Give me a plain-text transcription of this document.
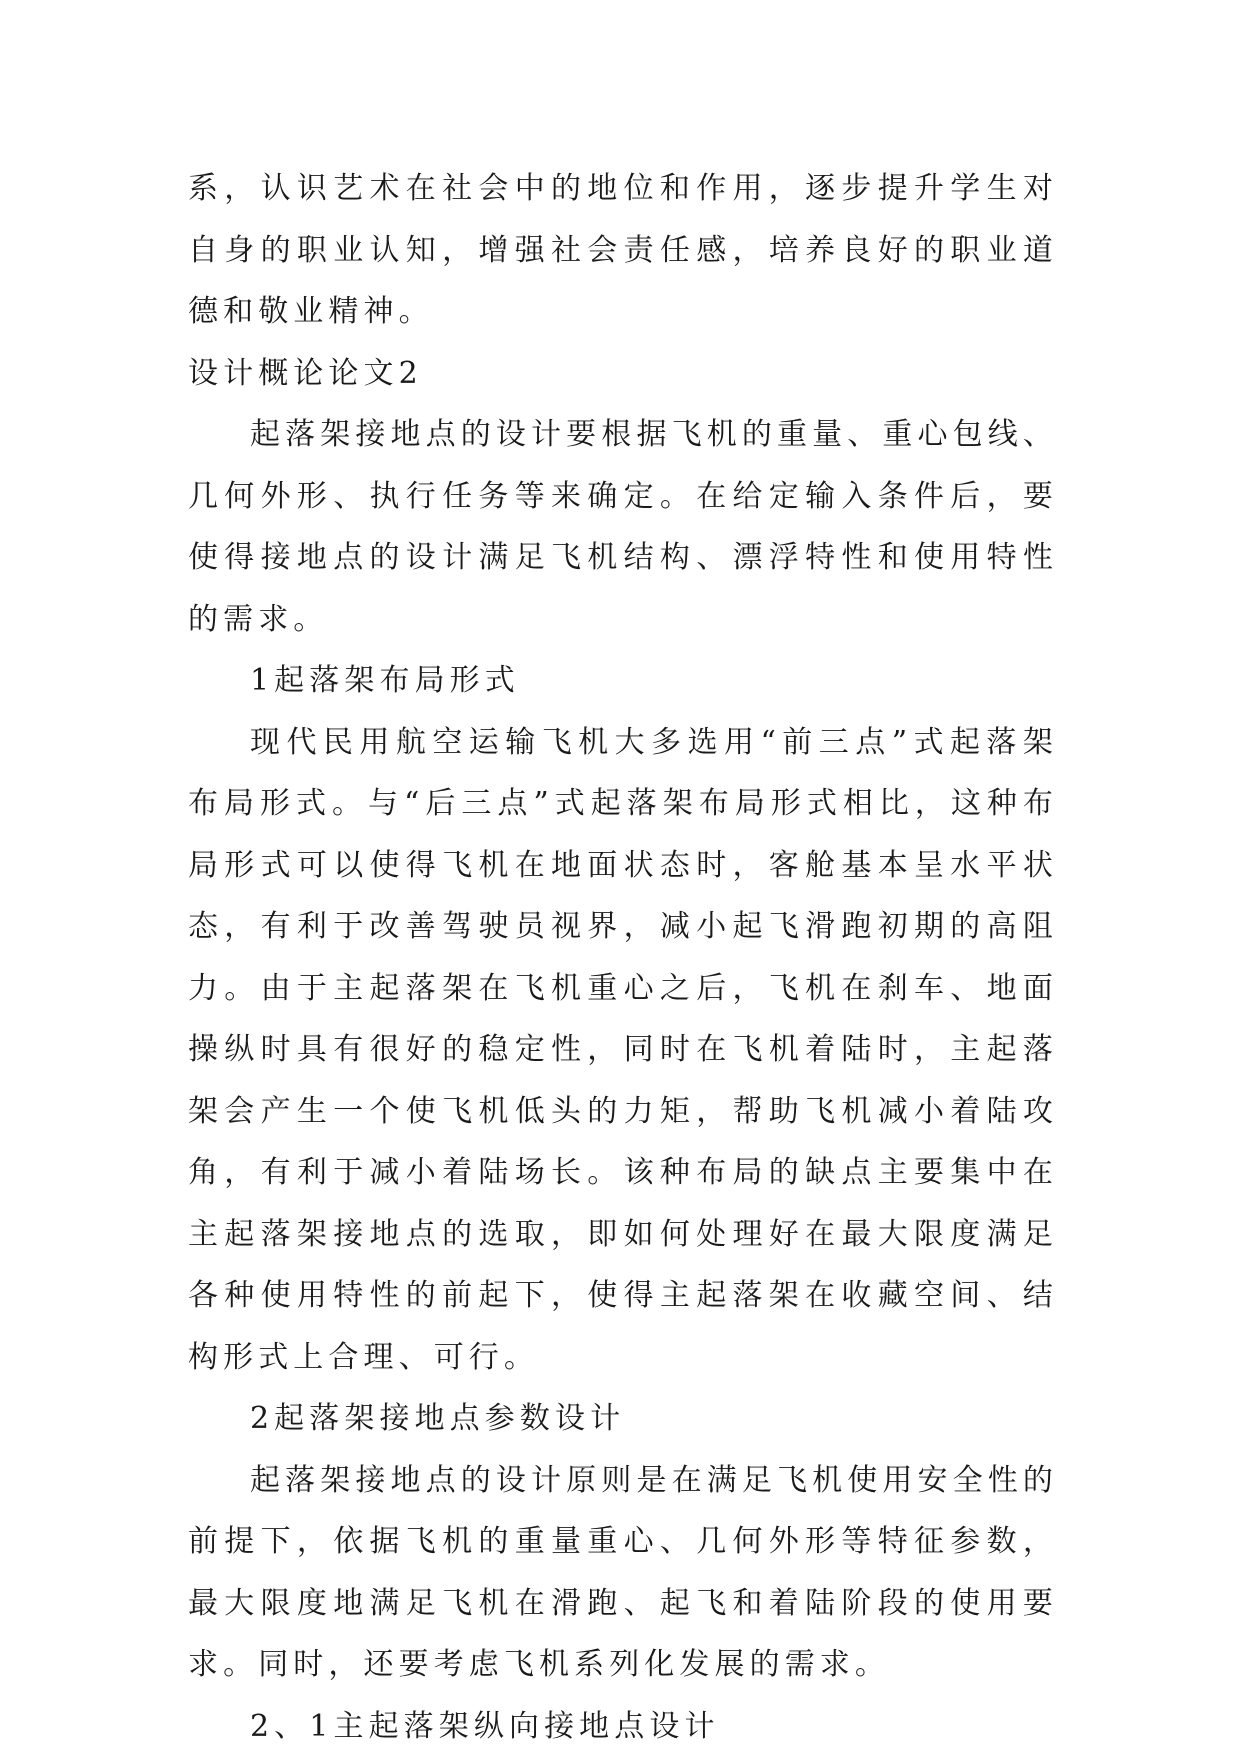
系，认识艺术在社会中的地位和作用，逐步提升学生对自身的职业认知，增强社会责任感，培养良好的职业道德和敬业精神。

设计概论论文2

起落架接地点的设计要根据飞机的重量、重心包线、几何外形、执行任务等来确定。在给定输入条件后，要使得接地点的设计满足飞机结构、漂浮特性和使用特性的需求。

1起落架布局形式

现代民用航空运输飞机大多选用“前三点”式起落架布局形式。与“后三点”式起落架布局形式相比，这种布局形式可以使得飞机在地面状态时，客舱基本呈水平状态，有利于改善驾驶员视界，减小起飞滑跑初期的高阻力。由于主起落架在飞机重心之后，飞机在刹车、地面操纵时具有很好的稳定性，同时在飞机着陆时，主起落架会产生一个使飞机低头的力矩，帮助飞机减小着陆攻角，有利于减小着陆场长。该种布局的缺点主要集中在主起落架接地点的选取，即如何处理好在最大限度满足各种使用特性的前起下，使得主起落架在收藏空间、结构形式上合理、可行。

2起落架接地点参数设计

起落架接地点的设计原则是在满足飞机使用安全性的前提下，依据飞机的重量重心、几何外形等特征参数，最大限度地满足飞机在滑跑、起飞和着陆阶段的使用要求。同时，还要考虑飞机系列化发展的需求。

2、1主起落架纵向接地点设计
